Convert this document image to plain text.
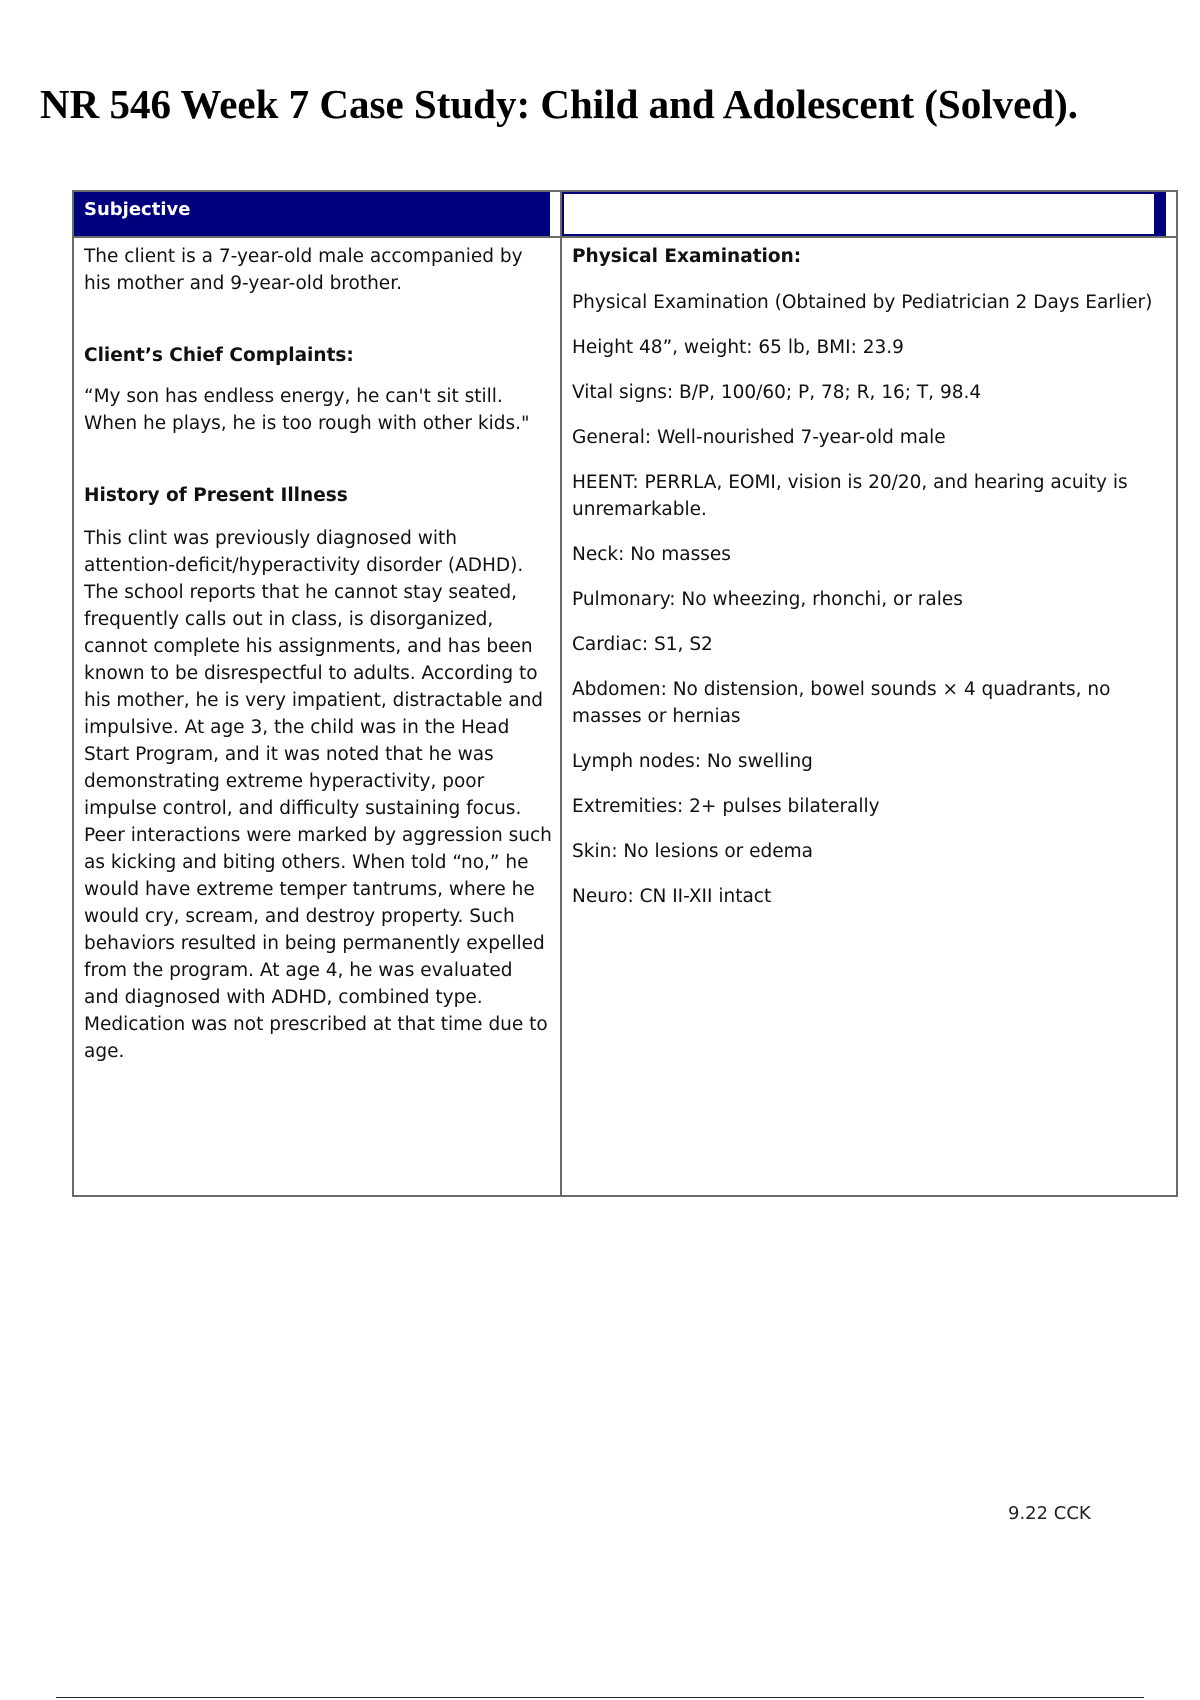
NR 546 Week 7 Case Study: Child and Adolescent (Solved).
Subjective

The client is a 7-year-old male accompanied by his mother and 9-year-old brother.

Client’s Chief Complaints:

“My son has endless energy, he can't sit still. When he plays, he is too rough with other kids."

History of Present Illness

This clint was previously diagnosed with attention-deficit/hyperactivity disorder (ADHD). The school reports that he cannot stay seated, frequently calls out in class, is disorganized, cannot complete his assignments, and has been known to be disrespectful to adults. According to his mother, he is very impatient, distractable and impulsive. At age 3, the child was in the Head Start Program, and it was noted that he was demonstrating extreme hyperactivity, poor impulse control, and difficulty sustaining focus. Peer interactions were marked by aggression such as kicking and biting others. When told “no,” he would have extreme temper tantrums, where he would cry, scream, and destroy property. Such behaviors resulted in being permanently expelled from the program. At age 4, he was evaluated and diagnosed with ADHD, combined type. Medication was not prescribed at that time due to age.

Physical Examination:

Physical Examination (Obtained by Pediatrician 2 Days Earlier)

Height 48”, weight: 65 lb, BMI: 23.9

Vital signs: B/P, 100/60; P, 78; R, 16; T, 98.4

General: Well-nourished 7-year-old male

HEENT: PERRLA, EOMI, vision is 20/20, and hearing acuity is unremarkable.

Neck: No masses

Pulmonary: No wheezing, rhonchi, or rales

Cardiac: S1, S2

Abdomen: No distension, bowel sounds × 4 quadrants, no masses or hernias

Lymph nodes: No swelling

Extremities: 2+ pulses bilaterally

Skin: No lesions or edema

Neuro: CN II-XII intact

9.22 CCK
